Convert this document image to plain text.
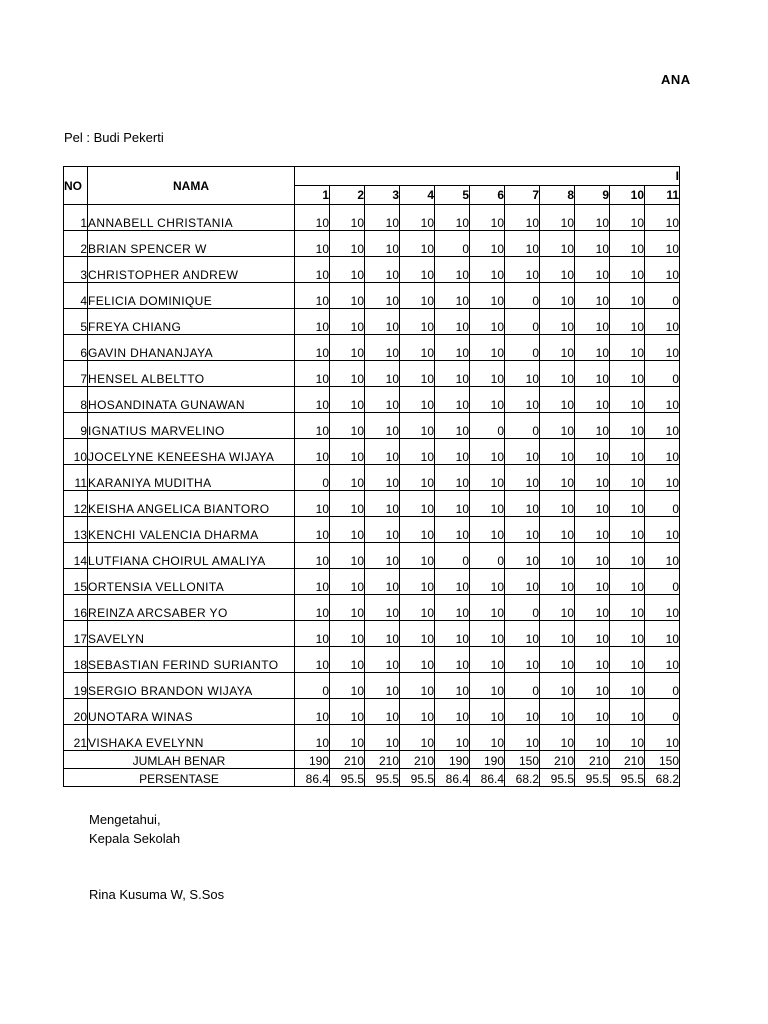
ANA
Pel : Budi Pekerti
NO	NAMA	I										
		1	2	3	4	5	6	7	8	9	10	11
1	ANNABELL CHRISTANIA	10	10	10	10	10	10	10	10	10	10	10
2	BRIAN SPENCER W	10	10	10	10	0	10	10	10	10	10	10
3	CHRISTOPHER ANDREW	10	10	10	10	10	10	10	10	10	10	10
4	FELICIA DOMINIQUE	10	10	10	10	10	10	0	10	10	10	0
5	FREYA CHIANG	10	10	10	10	10	10	0	10	10	10	10
6	GAVIN DHANANJAYA	10	10	10	10	10	10	0	10	10	10	10
7	HENSEL ALBELTTO	10	10	10	10	10	10	10	10	10	10	0
8	HOSANDINATA GUNAWAN	10	10	10	10	10	10	10	10	10	10	10
9	IGNATIUS MARVELINO	10	10	10	10	10	0	0	10	10	10	10
10	JOCELYNE KENEESHA WIJAYA	10	10	10	10	10	10	10	10	10	10	10
11	KARANIYA MUDITHA	0	10	10	10	10	10	10	10	10	10	10
12	KEISHA ANGELICA BIANTORO	10	10	10	10	10	10	10	10	10	10	0
13	KENCHI VALENCIA DHARMA	10	10	10	10	10	10	10	10	10	10	10
14	LUTFIANA CHOIRUL AMALIYA	10	10	10	10	0	0	10	10	10	10	10
15	ORTENSIA VELLONITA	10	10	10	10	10	10	10	10	10	10	0
16	REINZA ARCSABER YO	10	10	10	10	10	10	0	10	10	10	10
17	SAVELYN	10	10	10	10	10	10	10	10	10	10	10
18	SEBASTIAN FERIND SURIANTO	10	10	10	10	10	10	10	10	10	10	10
19	SERGIO BRANDON WIJAYA	0	10	10	10	10	10	0	10	10	10	0
20	UNOTARA WINAS	10	10	10	10	10	10	10	10	10	10	0
21	VISHAKA EVELYNN	10	10	10	10	10	10	10	10	10	10	10
JUMLAH BENAR		190	210	210	210	190	190	150	210	210	210	150
PERSENTASE		86.4	95.5	95.5	95.5	86.4	86.4	68.2	95.5	95.5	95.5	68.2
Mengetahui,
Kepala Sekolah
Rina Kusuma W, S.Sos
